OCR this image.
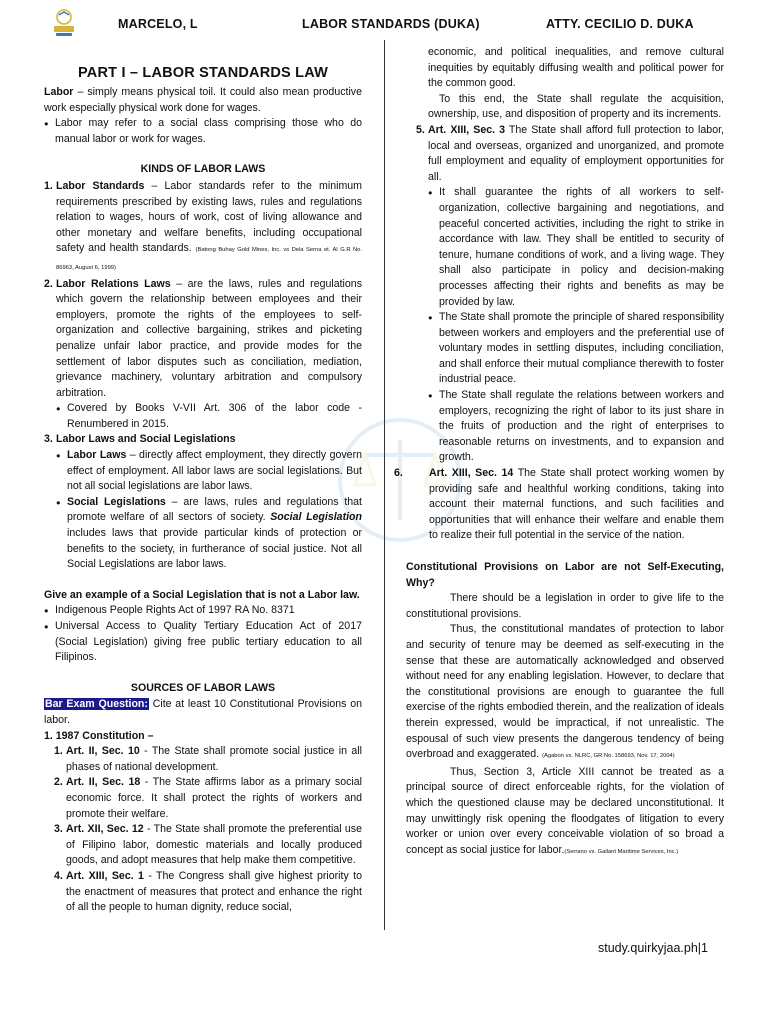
MARCELO, L	LABOR STANDARDS (DUKA)	ATTY. CECILIO D. DUKA
PART I – LABOR STANDARDS LAW

Labor – simply means physical toil. It could also mean productive work especially physical work done for wages.

● Labor may refer to a social class comprising those who do manual labor or work for wages.
KINDS OF LABOR LAWS
1. Labor Standards – Labor standards refer to the minimum requirements prescribed by existing laws, rules and regulations relation to wages, hours of work, cost of living allowance and other monetary and welfare benefits, including occupational safety and health standards. (Batong Buhay Gold Mines, Inc. vs Dela Serna et. Al G.R No. 86963, August 6, 1999)
2. Labor Relations Laws – are the laws, rules and regulations which govern the relationship between employees and their employers, promote the rights of the employees to self-organization and collective bargaining, strikes and picketing penalize unfair labor practice, and provide modes for the settlement of labor disputes such as conciliation, mediation, grievance machinery, voluntary arbitration and compulsory arbitration.
● Covered by Books V-VII Art. 306 of the labor code - Renumbered in 2015.
3. Labor Laws and Social Legislations
● Labor Laws – directly affect employment, they directly govern effect of employment. All labor laws are social legislations. But not all social legislations are labor laws.
● Social Legislations – are laws, rules and regulations that promote welfare of all sectors of society. Social Legislation includes laws that provide particular kinds of protection or benefits to the society, in furtherance of social justice. Not all Social Legislations are labor laws.

Give an example of a Social Legislation that is not a Labor law.

● Indigenous People Rights Act of 1997 RA No. 8371
● Universal Access to Quality Tertiary Education Act of 2017 (Social Legislation) giving free public tertiary education to all Filipinos.
SOURCES OF LABOR LAWS

Bar Exam Question: Cite at least 10 Constitutional Provisions on labor.

1. 1987 Constitution –

1. Art. II, Sec. 10 - The State shall promote social justice in all phases of national development.
2. Art. II, Sec. 18 - The State affirms labor as a primary social economic force. It shall protect the rights of workers and promote their welfare.
3. Art. XII, Sec. 12 - The State shall promote the preferential use of Filipino labor, domestic materials and locally produced goods, and adopt measures that help make them competitive.
4. Art. XIII, Sec. 1 - The Congress shall give highest priority to the enactment of measures that protect and enhance the right of all the people to human dignity, reduce social,

economic, and political inequalities, and remove cultural inequities by equitably diffusing wealth and political power for the common good.

To this end, the State shall regulate the acquisition, ownership, use, and disposition of property and its increments.

5. Art. XIII, Sec. 3 The State shall afford full protection to labor, local and overseas, organized and unorganized, and promote full employment and equality of employment opportunities for all.
● It shall guarantee the rights of all workers to self-organization, collective bargaining and negotiations, and peaceful concerted activities, including the right to strike in accordance with law. They shall be entitled to security of tenure, humane conditions of work, and a living wage. They shall also participate in policy and decision-making processes affecting their rights and benefits as may be provided by law.
● The State shall promote the principle of shared responsibility between workers and employers and the preferential use of voluntary modes in settling disputes, including conciliation, and shall enforce their mutual compliance therewith to foster industrial peace.
● The State shall regulate the relations between workers and employers, recognizing the right of labor to its just share in the fruits of production and the right of enterprises to reasonable returns on investments, and to expansion and growth.
6. Art. XIII, Sec. 14 The State shall protect working women by providing safe and healthful working conditions, taking into account their maternal functions, and such facilities and opportunities that will enhance their welfare and enable them to realize their full potential in the service of the nation.

Constitutional Provisions on Labor are not Self-Executing, Why?

There should be a legislation in order to give life to the constitutional provisions.

Thus, the constitutional mandates of protection to labor and security of tenure may be deemed as self-executing in the sense that these are automatically acknowledged and observed without need for any enabling legislation. However, to declare that the constitutional provisions are enough to guarantee the full exercise of the rights embodied therein, and the realization of ideals therein expressed, would be impractical, if not unrealistic. The espousal of such view presents the dangerous tendency of being overbroad and exaggerated. (Agabon vs. NLRC, GR No. 158693, Nov. 17, 2004)

Thus, Section 3, Article XIII cannot be treated as a principal source of direct enforceable rights, for the violation of which the questioned clause may be declared unconstitutional. It may unwittingly risk opening the floodgates of litigation to every worker or union over every conceivable violation of so broad a concept as social justice for labor.(Serrano vs. Gallant Maritime Services, Inc.)

study.quirkyjaa.ph|1
